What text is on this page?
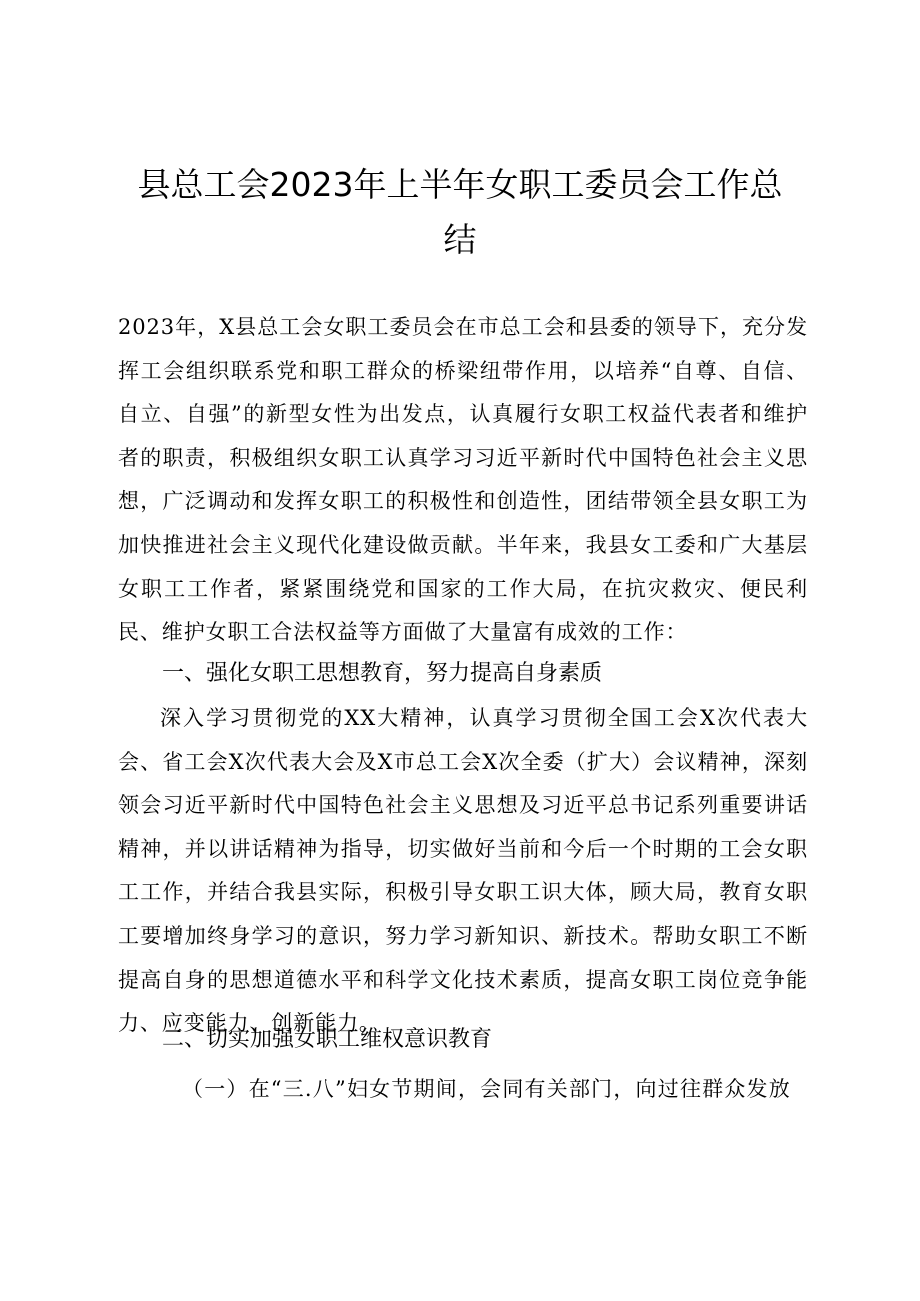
县总工会2023年上半年女职工委员会工作总
结

2023年，X县总工会女职工委员会在市总工会和县委的领导下，充分发挥工会组织联系党和职工群众的桥梁纽带作用，以培养“自尊、自信、自立、自强”的新型女性为出发点，认真履行女职工权益代表者和维护者的职责，积极组织女职工认真学习习近平新时代中国特色社会主义思想，广泛调动和发挥女职工的积极性和创造性，团结带领全县女职工为加快推进社会主义现代化建设做贡献。半年来，我县女工委和广大基层女职工工作者，紧紧围绕党和国家的工作大局，在抗灾救灾、便民利民、维护女职工合法权益等方面做了大量富有成效的工作：

一、强化女职工思想教育，努力提高自身素质

深入学习贯彻党的XX大精神，认真学习贯彻全国工会X次代表大会、省工会X次代表大会及X市总工会X次全委（扩大）会议精神，深刻领会习近平新时代中国特色社会主义思想及习近平总书记系列重要讲话精神，并以讲话精神为指导，切实做好当前和今后一个时期的工会女职工工作，并结合我县实际，积极引导女职工识大体，顾大局，教育女职工要增加终身学习的意识，努力学习新知识、新技术。帮助女职工不断提高自身的思想道德水平和科学文化技术素质，提高女职工岗位竞争能力、应变能力、创新能力。

二、切实加强女职工维权意识教育

（一）在“三.八”妇女节期间，会同有关部门，向过往群众发放
